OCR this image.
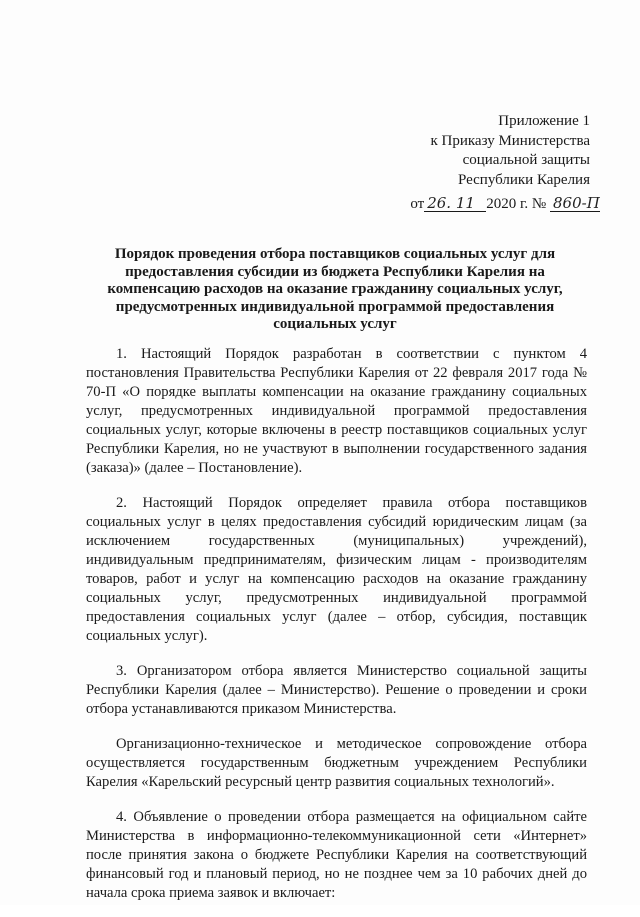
Приложение 1
к Приказу Министерства
социальной защиты
Республики Карелия
от 26. 11 2020 г. № 860-П
Порядок проведения отбора поставщиков социальных услуг для предоставления субсидии из бюджета Республики Карелия на компенсацию расходов на оказание гражданину социальных услуг, предусмотренных индивидуальной программой предоставления социальных услуг

1. Настоящий Порядок разработан в соответствии с пунктом 4 постановления Правительства Республики Карелия от 22 февраля 2017 года № 70-П «О порядке выплаты компенсации на оказание гражданину социальных услуг, предусмотренных индивидуальной программой предоставления социальных услуг, которые включены в реестр поставщиков социальных услуг Республики Карелия, но не участвуют в выполнении государственного задания (заказа)» (далее – Постановление).

2. Настоящий Порядок определяет правила отбора поставщиков социальных услуг в целях предоставления субсидий юридическим лицам (за исключением государственных (муниципальных) учреждений), индивидуальным предпринимателям, физическим лицам - производителям товаров, работ и услуг на компенсацию расходов на оказание гражданину социальных услуг, предусмотренных индивидуальной программой предоставления социальных услуг (далее – отбор, субсидия, поставщик социальных услуг).

3. Организатором отбора является Министерство социальной защиты Республики Карелия (далее – Министерство). Решение о проведении и сроки отбора устанавливаются приказом Министерства.

Организационно-техническое и методическое сопровождение отбора осуществляется государственным бюджетным учреждением Республики Карелия «Карельский ресурсный центр развития социальных технологий».

4. Объявление о проведении отбора размещается на официальном сайте Министерства в информационно-телекоммуникационной сети «Интернет» после принятия закона о бюджете Республики Карелия на соответствующий финансовый год и плановый период, но не позднее чем за 10 рабочих дней до начала срока приема заявок и включает:
